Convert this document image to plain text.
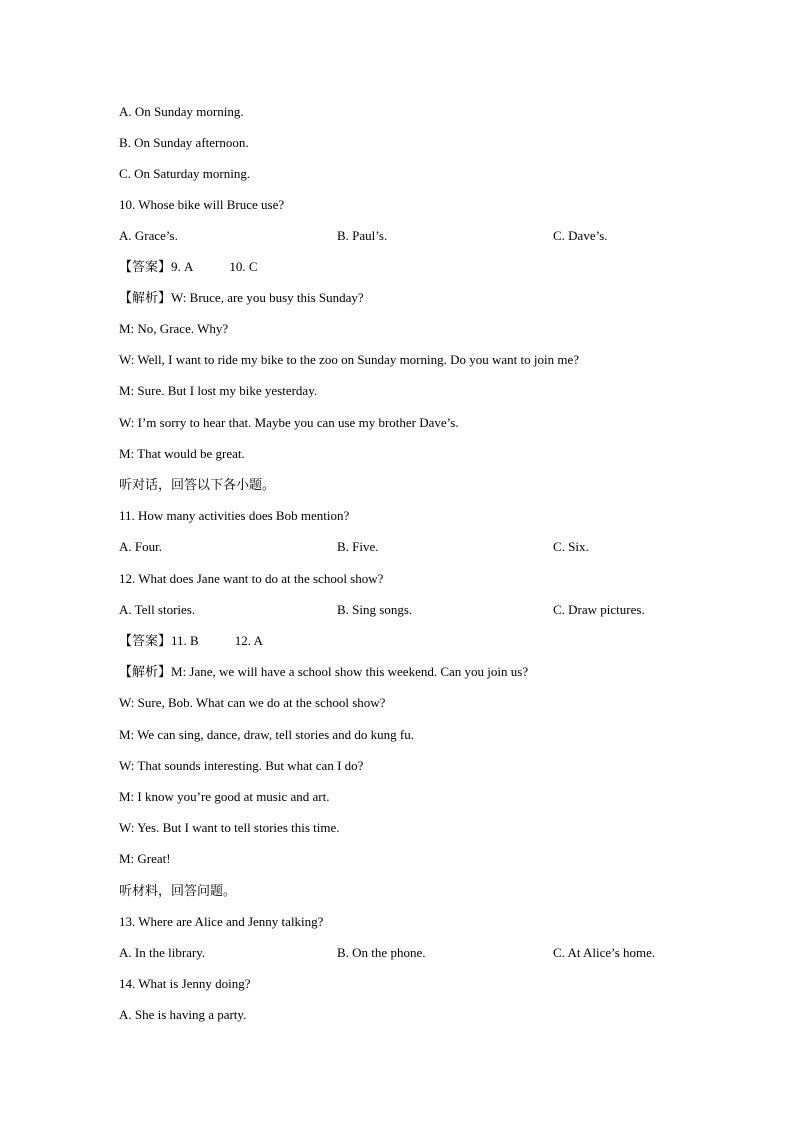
A. On Sunday morning.
B. On Sunday afternoon.
C. On Saturday morning.
10. Whose bike will Bruce use?
A. Grace’s.	B. Paul’s.	C. Dave’s.
【答案】9. A	10. C
【解析】W: Bruce, are you busy this Sunday?
M: No, Grace. Why?
W: Well, I want to ride my bike to the zoo on Sunday morning. Do you want to join me?
M: Sure. But I lost my bike yesterday.
W: I’m sorry to hear that. Maybe you can use my brother Dave’s.
M: That would be great.
听对话，回答以下各小题。
11. How many activities does Bob mention?
A. Four.	B. Five.	C. Six.
12. What does Jane want to do at the school show?
A. Tell stories.	B. Sing songs.	C. Draw pictures.
【答案】11. B	12. A
【解析】M: Jane, we will have a school show this weekend. Can you join us?
W: Sure, Bob. What can we do at the school show?
M: We can sing, dance, draw, tell stories and do kung fu.
W: That sounds interesting. But what can I do?
M: I know you’re good at music and art.
W: Yes. But I want to tell stories this time.
M: Great!
听材料，回答问题。
13. Where are Alice and Jenny talking?
A. In the library.	B. On the phone.	C. At Alice’s home.
14. What is Jenny doing?
A. She is having a party.
